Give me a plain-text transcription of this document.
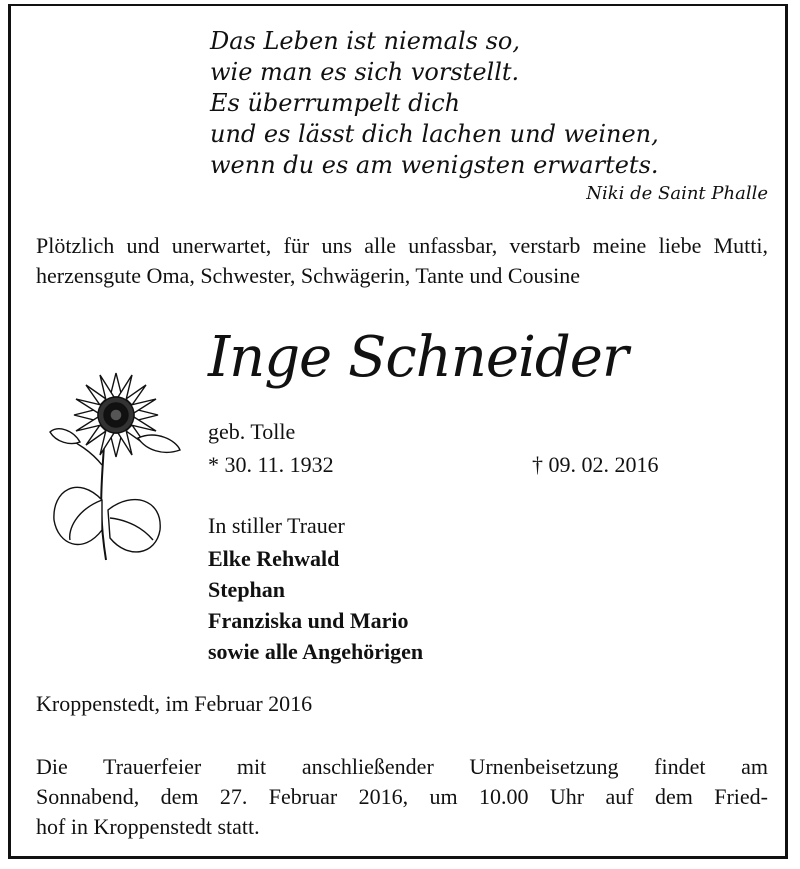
Das Leben ist niemals so,
wie man es sich vorstellt.
Es überrumpelt dich
und es lässt dich lachen und weinen,
wenn du es am wenigsten erwartets.
Niki de Saint Phalle
Plötzlich und unerwartet, für uns alle unfassbar, verstarb meine liebe Mutti, herzensgute Oma, Schwester, Schwägerin, Tante und Cousine
Inge Schneider
geb. Tolle
* 30. 11. 1932	† 09. 02. 2016
In stiller Trauer
Elke Rehwald
Stephan
Franziska und Mario
sowie alle Angehörigen
Kroppenstedt, im Februar 2016
Die Trauerfeier mit anschließender Urnenbeisetzung findet am
Sonnabend, dem 27. Februar 2016, um 10.00 Uhr auf dem Fried-
hof in Kroppenstedt statt.
